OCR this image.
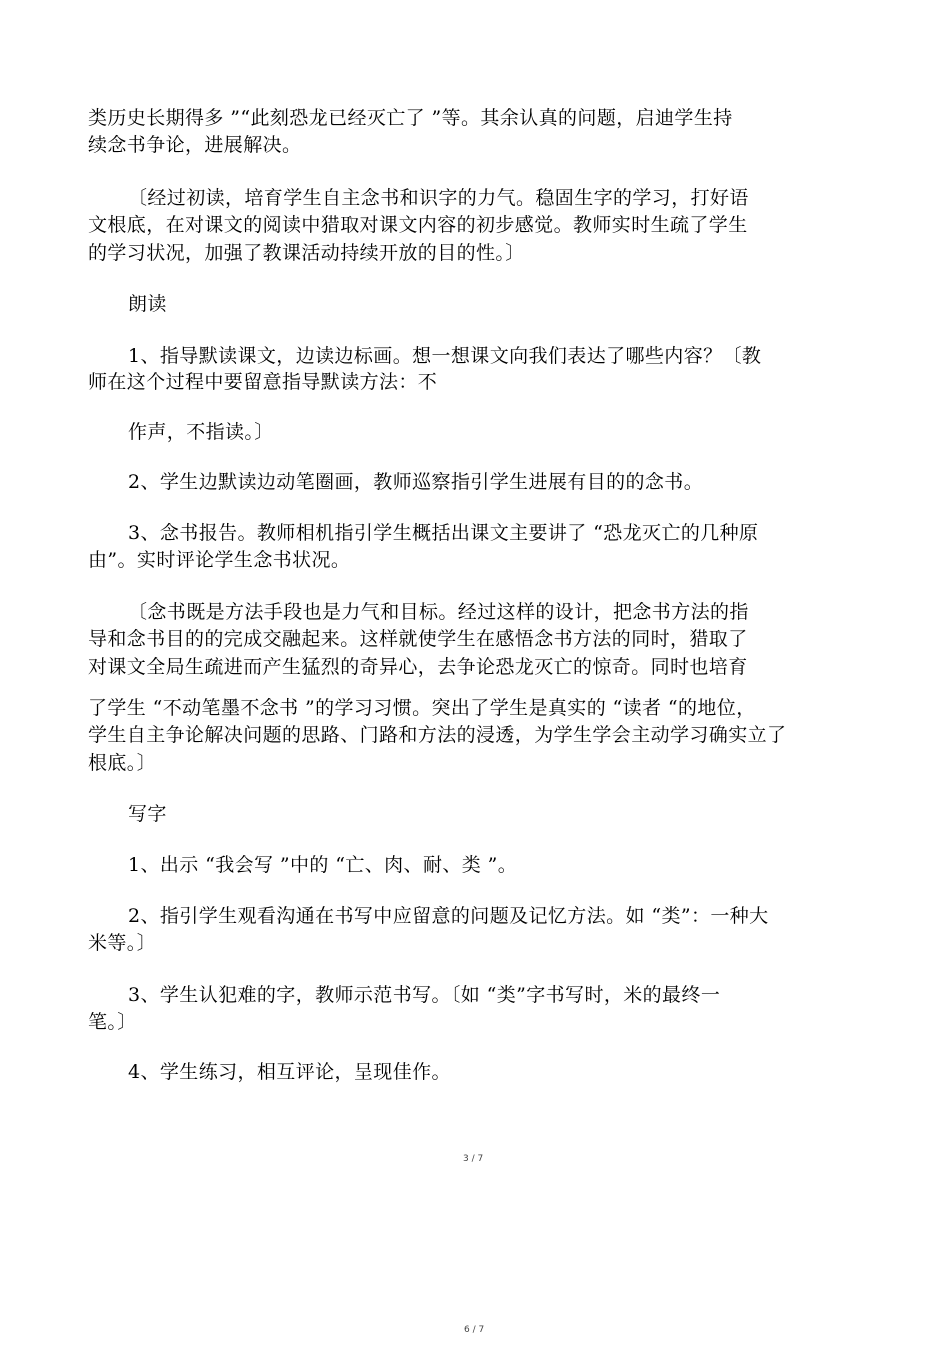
类历史长期得多 ”“此刻恐龙已经灭亡了 ”等。其余认真的问题，启迪学生持
续念书争论，进展解决。
〔经过初读，培育学生自主念书和识字的力气。稳固生字的学习，打好语
文根底，在对课文的阅读中猎取对课文内容的初步感觉。教师实时生疏了学生
的学习状况，加强了教课活动持续开放的目的性。〕
朗读
1、指导默读课文，边读边标画。想一想课文向我们表达了哪些内容？〔教
师在这个过程中要留意指导默读方法：不
作声，不指读。〕
2、学生边默读边动笔圈画，教师巡察指引学生进展有目的的念书。
3、念书报告。教师相机指引学生概括出课文主要讲了 “恐龙灭亡的几种原
由”。实时评论学生念书状况。
〔念书既是方法手段也是力气和目标。经过这样的设计，把念书方法的指
导和念书目的的完成交融起来。这样就使学生在感悟念书方法的同时，猎取了
对课文全局生疏进而产生猛烈的奇异心，去争论恐龙灭亡的惊奇。同时也培育
了学生 “不动笔墨不念书 ”的学习习惯。突出了学生是真实的 “读者 “的地位，
学生自主争论解决问题的思路、门路和方法的浸透，为学生学会主动学习确实立了
根底。〕
写字
1、出示 “我会写 ”中的 “亡、肉、耐、类 ”。
2、指引学生观看沟通在书写中应留意的问题及记忆方法。如 “类”：一种大
米等。〕
3、学生认犯难的字，教师示范书写。〔如 “类”字书写时，米的最终一
笔。〕
4、学生练习，相互评论，呈现佳作。
3 / 7
6 / 7
